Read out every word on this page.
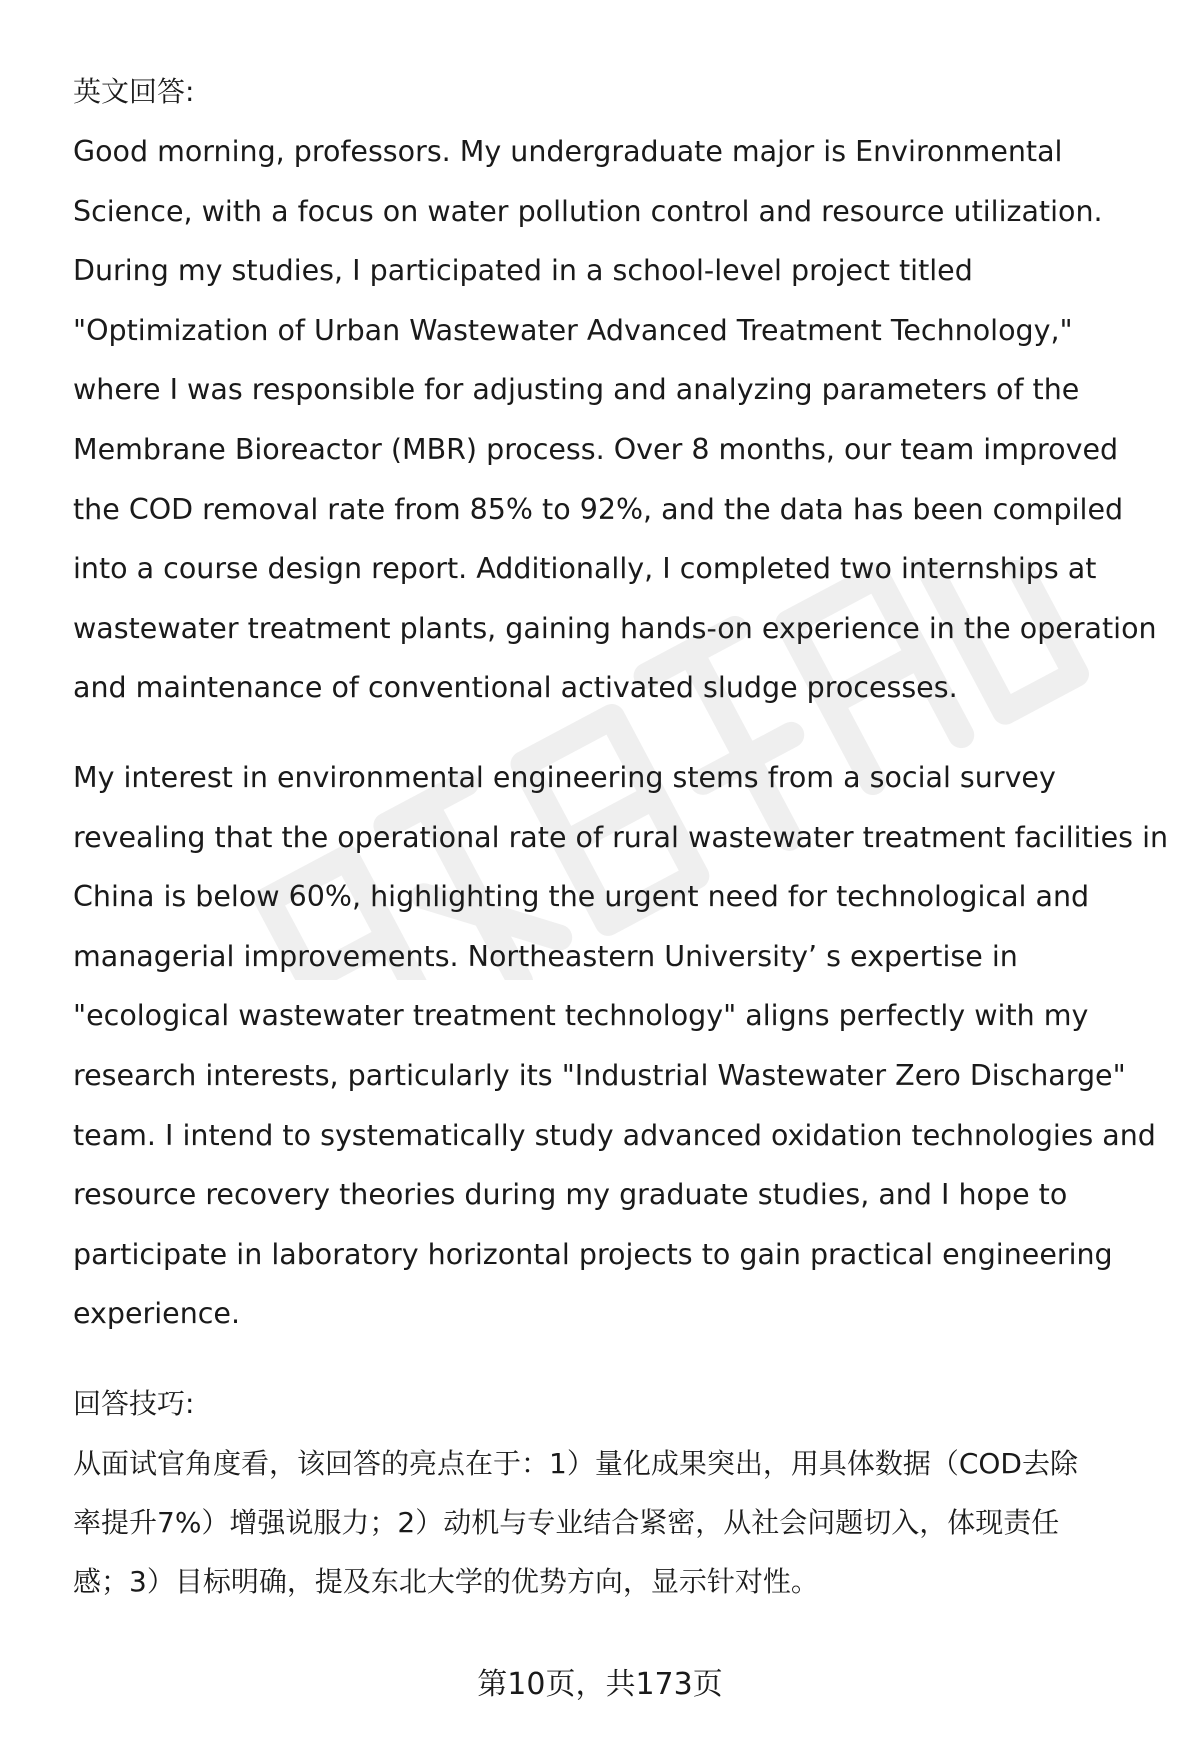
英文回答:

Good morning, professors. My undergraduate major is Environmental
Science, with a focus on water pollution control and resource utilization.
During my studies, I participated in a school-level project titled
"Optimization of Urban Wastewater Advanced Treatment Technology,"
where I was responsible for adjusting and analyzing parameters of the
Membrane Bioreactor (MBR) process. Over 8 months, our team improved
the COD removal rate from 85% to 92%, and the data has been compiled
into a course design report. Additionally, I completed two internships at
wastewater treatment plants, gaining hands-on experience in the operation
and maintenance of conventional activated sludge processes.

My interest in environmental engineering stems from a social survey
revealing that the operational rate of rural wastewater treatment facilities in
China is below 60%, highlighting the urgent need for technological and
managerial improvements. Northeastern University’ s expertise in
"ecological wastewater treatment technology" aligns perfectly with my
research interests, particularly its "Industrial Wastewater Zero Discharge"
team. I intend to systematically study advanced oxidation technologies and
resource recovery theories during my graduate studies, and I hope to
participate in laboratory horizontal projects to gain practical engineering
experience.

回答技巧:

从面试官角度看，该回答的亮点在于：1）量化成果突出，用具体数据（COD去除
率提升7%）增强说服力；2）动机与专业结合紧密，从社会问题切入，体现责任
感；3）目标明确，提及东北大学的优势方向，显示针对性。

第10页，共173页
